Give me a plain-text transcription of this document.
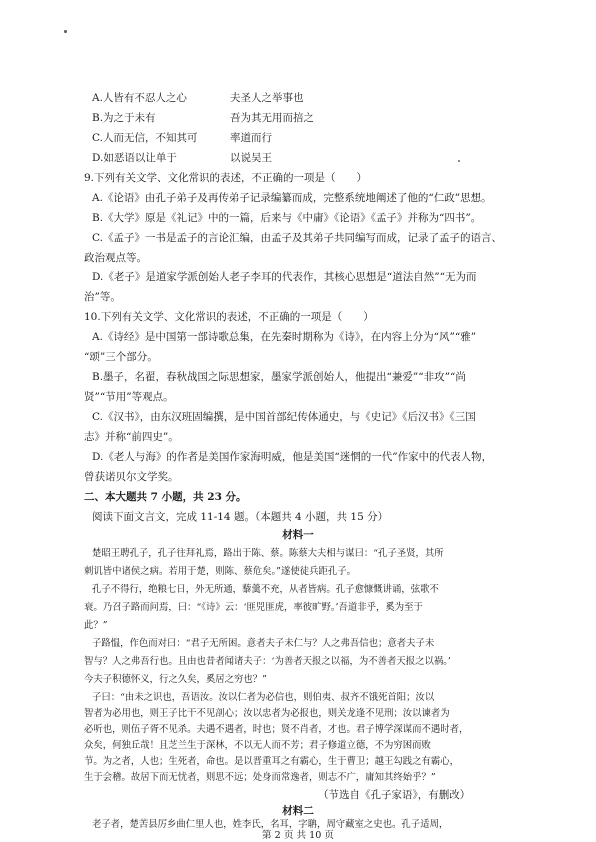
A.人皆有不忍人之心	夫圣人之举事也
B.为之于未有	吾为其无用而掊之
C.人而无信，不知其可	率道而行
D.如恶语以让单于	以说吴王
9.下列有关文学、文化常识的表述，不正确的一项是（　　）
A.《论语》由孔子弟子及再传弟子记录编纂而成，完整系统地阐述了他的“仁政”思想。
B.《大学》原是《礼记》中的一篇，后来与《中庸》《论语》《孟子》并称为“四书”。
C.《孟子》一书是孟子的言论汇编，由孟子及其弟子共同编写而成，记录了孟子的语言、
政治观点等。
D.《老子》是道家学派创始人老子李耳的代表作，其核心思想是“道法自然”“无为而
治”等。
10.下列有关文学、文化常识的表述，不正确的一项是（　　）
A.《诗经》是中国第一部诗歌总集，在先秦时期称为《诗》，在内容上分为“风”“雅”
“颂”三个部分。
B.墨子，名翟，春秋战国之际思想家，墨家学派创始人，他提出“兼爱”“非攻”“尚
贤”“节用”等观点。
C.《汉书》，由东汉班固编撰，是中国首部纪传体通史，与《史记》《后汉书》《三国
志》并称“前四史”。
D.《老人与海》的作者是美国作家海明威，他是美国“迷惘的一代”作家中的代表人物，
曾获诺贝尔文学奖。
二、本大题共 7 小题，共 23 分。
阅读下面文言文，完成 11-14 题。（本题共 4 小题，共 15 分）
材料一
楚昭王聘孔子，孔子往拜礼焉，路出于陈、蔡。陈蔡大夫相与谋曰：“孔子圣贤，其所
刺讥皆中诸侯之病。若用于楚，则陈、蔡危矣。”遂使徒兵距孔子。
孔子不得行，绝粮七日，外无所通，藜羹不充，从者皆病。孔子愈慷慨讲诵，弦歌不
衰。乃召子路而问焉，曰：“《诗》云：‘匪兕匪虎，率彼旷野。’吾道非乎，奚为至于
此？”
子路愠，作色而对曰：“君子无所困。意者夫子未仁与？人之弗吾信也；意者夫子未
智与？人之弗吾行也。且由也昔者闻诸夫子：‘为善者天报之以福，为不善者天报之以祸。’
今夫子积德怀义，行之久矣，奚居之穷也？”
子曰：“由未之识也，吾语汝。汝以仁者为必信也，则伯夷、叔齐不饿死首阳；汝以
智者为必用也，则王子比干不见剖心；汝以忠者为必报也，则关龙逢不见刑；汝以谏者为
必听也，则伍子胥不见杀。夫遇不遇者，时也；贤不肖者，才也。君子博学深谋而不遇时者，
众矣，何独丘哉！且芝兰生于深林，不以无人而不芳；君子修道立德，不为穷困而败
节。为之者，人也；生死者，命也。是以晋重耳之有霸心，生于曹卫；越王勾践之有霸心，
生于会稽。故居下而无忧者，则思不远；处身而常逸者，则志不广，庸知其终始乎？”
（节选自《孔子家语》，有删改）
材料二
老子者，楚苦县厉乡曲仁里人也，姓李氏，名耳，字聃，周守藏室之史也。孔子适周，
第 2 页 共 10 页
